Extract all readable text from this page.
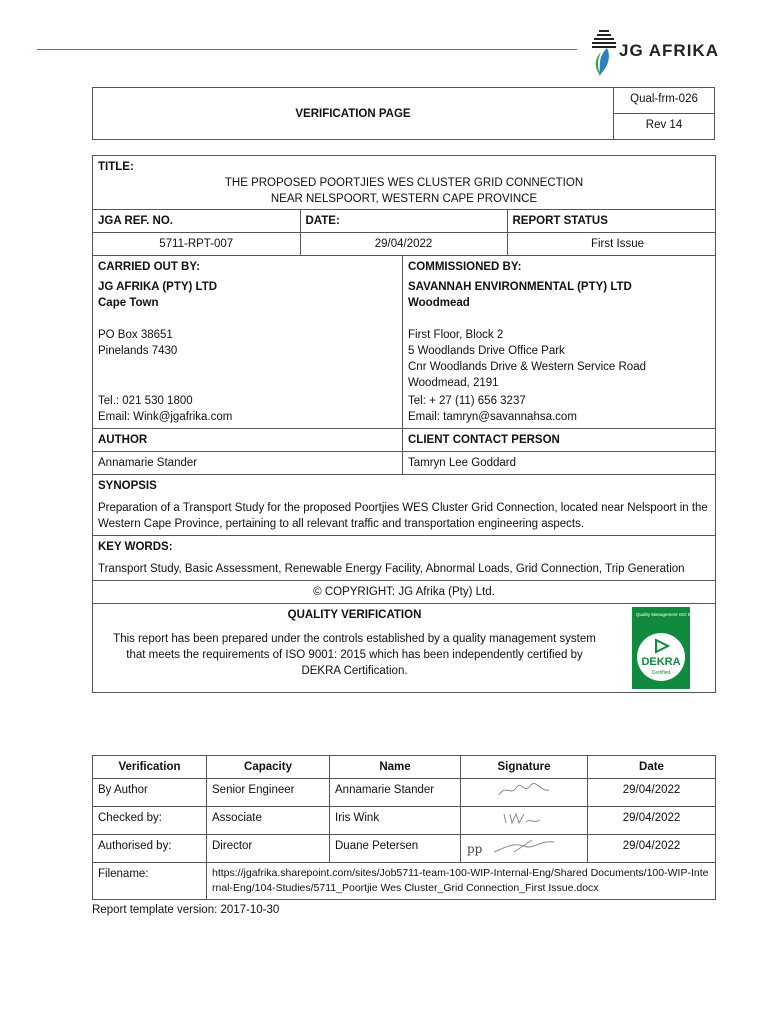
JG AFRIKA
VERIFICATION PAGE	Qual-frm-026
Rev 14
TITLE:
THE PROPOSED POORTJIES WES CLUSTER GRID CONNECTION
NEAR NELSPOORT, WESTERN CAPE PROVINCE

JGA REF. NO.	DATE:	REPORT STATUS
5711-RPT-007	29/04/2022	First Issue

CARRIED OUT BY:
JG AFRIKA (PTY) LTD
Cape Town
PO Box 38651
Pinelands 7430
Tel.: 021 530 1800
Email: Wink@jgafrika.com

COMMISSIONED BY:
SAVANNAH ENVIRONMENTAL (PTY) LTD
Woodmead
First Floor, Block 2
5 Woodlands Drive Office Park
Cnr Woodlands Drive & Western Service Road
Woodmead, 2191
Tel: + 27 (11) 656 3237
Email: tamryn@savannahsa.com

AUTHOR	CLIENT CONTACT PERSON
Annamarie Stander	Tamryn Lee Goddard

SYNOPSIS
Preparation of a Transport Study for the proposed Poortjies WES Cluster Grid Connection, located near Nelspoort in the Western Cape Province, pertaining to all relevant traffic and transportation engineering aspects.

KEY WORDS:
Transport Study, Basic Assessment, Renewable Energy Facility, Abnormal Loads, Grid Connection, Trip Generation

© COPYRIGHT: JG Afrika (Pty) Ltd.

QUALITY VERIFICATION
This report has been prepared under the controls established by a quality management system that meets the requirements of ISO 9001: 2015 which has been independently certified by DEKRA Certification.

Quality Management ISO 9001
DEKRA
Certified
Verification	Capacity	Name	Signature	Date
By Author	Senior Engineer	Annamarie Stander		29/04/2022
Checked by:	Associate	Iris Wink		29/04/2022
Authorised by:	Director	Duane Petersen	pp	29/04/2022
Filename:	https://jgafrika.sharepoint.com/sites/Job5711-team-100-WIP-Internal-Eng/Shared Documents/100-WIP-Internal-Eng/104-Studies/5711_Poortjie Wes Cluster_Grid Connection_First Issue.docx			
Report template version: 2017-10-30
